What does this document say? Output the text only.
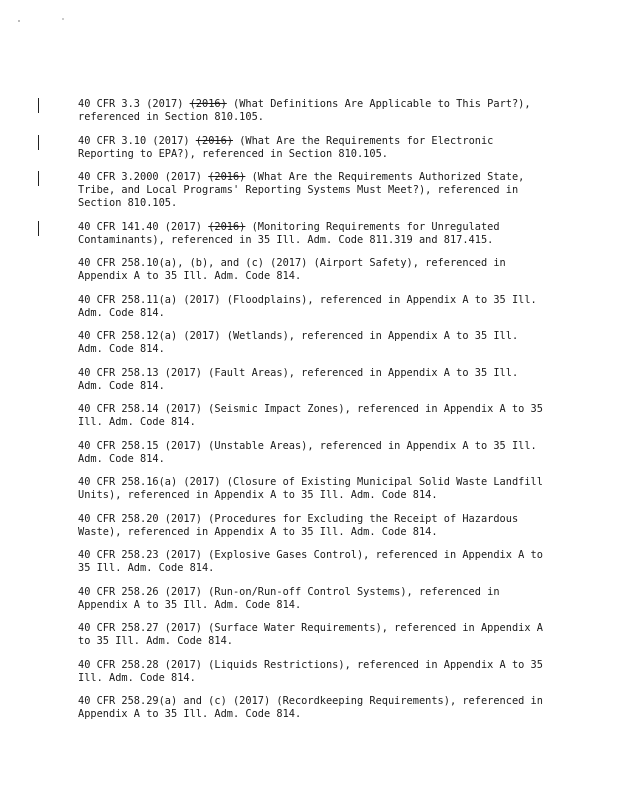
40 CFR 3.3 (2017) (2016) (What Definitions Are Applicable to This Part?), referenced in Section 810.105.
40 CFR 3.10 (2017) (2016) (What Are the Requirements for Electronic Reporting to EPA?), referenced in Section 810.105.
40 CFR 3.2000 (2017) (2016) (What Are the Requirements Authorized State, Tribe, and Local Programs' Reporting Systems Must Meet?), referenced in Section 810.105.
40 CFR 141.40 (2017) (2016) (Monitoring Requirements for Unregulated Contaminants), referenced in 35 Ill. Adm. Code 811.319 and 817.415.
40 CFR 258.10(a), (b), and (c) (2017) (Airport Safety), referenced in Appendix A to 35 Ill. Adm. Code 814.
40 CFR 258.11(a) (2017) (Floodplains), referenced in Appendix A to 35 Ill. Adm. Code 814.
40 CFR 258.12(a) (2017) (Wetlands), referenced in Appendix A to 35 Ill. Adm. Code 814.
40 CFR 258.13 (2017) (Fault Areas), referenced in Appendix A to 35 Ill. Adm. Code 814.
40 CFR 258.14 (2017) (Seismic Impact Zones), referenced in Appendix A to 35 Ill. Adm. Code 814.
40 CFR 258.15 (2017) (Unstable Areas), referenced in Appendix A to 35 Ill. Adm. Code 814.
40 CFR 258.16(a) (2017) (Closure of Existing Municipal Solid Waste Landfill Units), referenced in Appendix A to 35 Ill. Adm. Code 814.
40 CFR 258.20 (2017) (Procedures for Excluding the Receipt of Hazardous Waste), referenced in Appendix A to 35 Ill. Adm. Code 814.
40 CFR 258.23 (2017) (Explosive Gases Control), referenced in Appendix A to 35 Ill. Adm. Code 814.
40 CFR 258.26 (2017) (Run-on/Run-off Control Systems), referenced in Appendix A to 35 Ill. Adm. Code 814.
40 CFR 258.27 (2017) (Surface Water Requirements), referenced in Appendix A to 35 Ill. Adm. Code 814.
40 CFR 258.28 (2017) (Liquids Restrictions), referenced in Appendix A to 35 Ill. Adm. Code 814.
40 CFR 258.29(a) and (c) (2017) (Recordkeeping Requirements), referenced in Appendix A to 35 Ill. Adm. Code 814.
